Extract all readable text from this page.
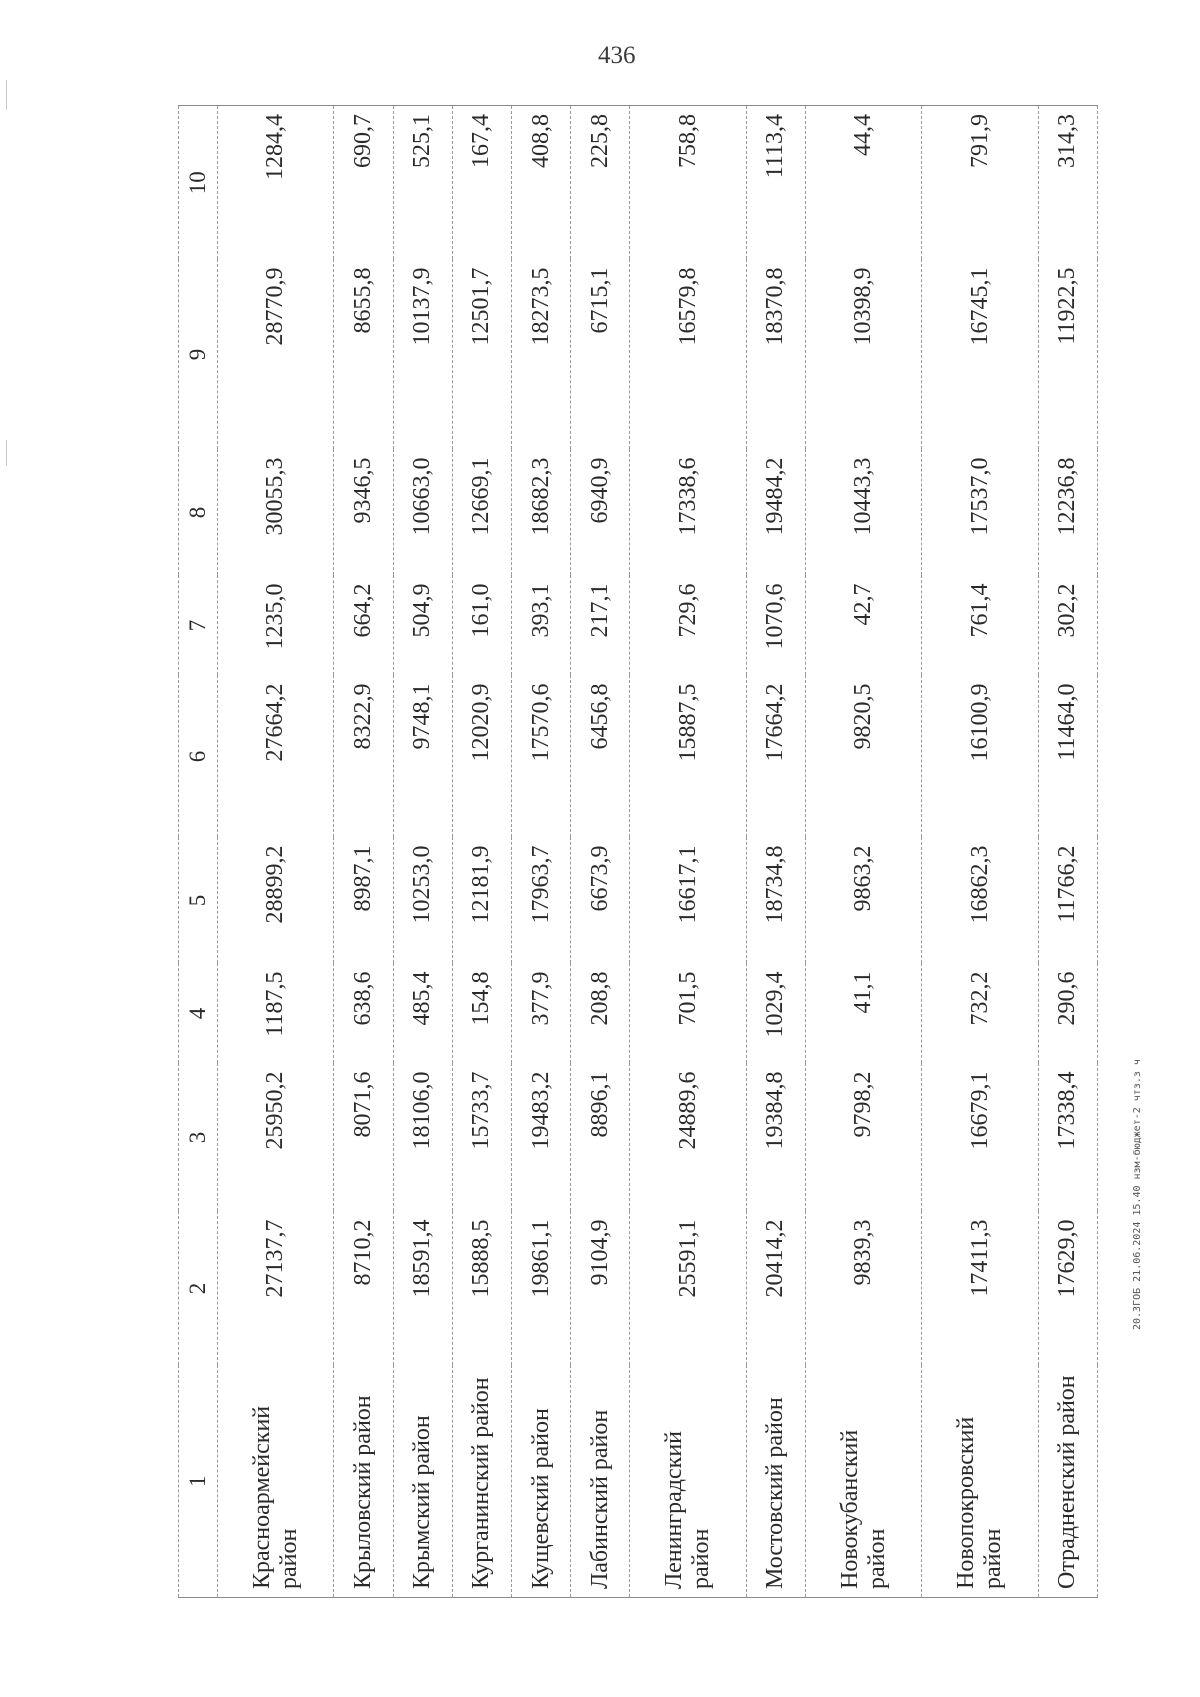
436
1	2	3	4	5	6	7	8	9	10
Красноармейский район	27137,7	25950,2	1187,5	28899,2	27664,2	1235,0	30055,3	28770,9	1284,4
Крыловский район	8710,2	8071,6	638,6	8987,1	8322,9	664,2	9346,5	8655,8	690,7
Крымский район	18591,4	18106,0	485,4	10253,0	9748,1	504,9	10663,0	10137,9	525,1
Курганинский район	15888,5	15733,7	154,8	12181,9	12020,9	161,0	12669,1	12501,7	167,4
Кущевский район	19861,1	19483,2	377,9	17963,7	17570,6	393,1	18682,3	18273,5	408,8
Лабинский район	9104,9	8896,1	208,8	6673,9	6456,8	217,1	6940,9	6715,1	225,8
Ленинградский район	25591,1	24889,6	701,5	16617,1	15887,5	729,6	17338,6	16579,8	758,8
Мостовский район	20414,2	19384,8	1029,4	18734,8	17664,2	1070,6	19484,2	18370,8	1113,4
Новокубанский район	9839,3	9798,2	41,1	9863,2	9820,5	42,7	10443,3	10398,9	44,4
Новопокровский район	17411,3	16679,1	732,2	16862,3	16100,9	761,4	17537,0	16745,1	791,9
Отрадненский район	17629,0	17338,4	290,6	11766,2	11464,0	302,2	12236,8	11922,5	314,3
20.3ГОБ 21.06.2024 15.40 нзм-бюджет-2 чтз.з ч
